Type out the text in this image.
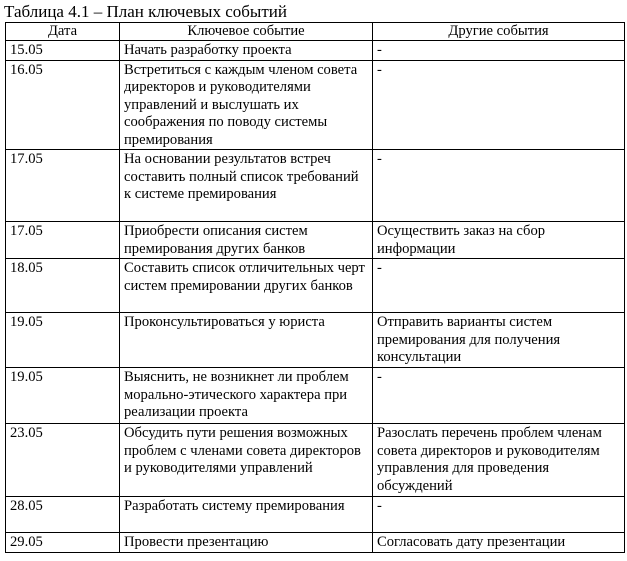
Таблица 4.1 – План ключевых событий
Дата	Ключевое событие	Другие события
15.05	Начать разработку проекта	-
16.05	Встретиться с каждым членом совета директоров и руководителями управлений и выслушать их соображения по поводу системы премирования	-
17.05	На основании результатов встреч составить полный список требований к системе премирования	-
17.05	Приобрести описания систем премирования других банков	Осуществить заказ на сбор информации
18.05	Составить список отличительных черт систем премировании других банков	-
19.05	Проконсультироваться у юриста	Отправить варианты систем премирования для получения консультации
19.05	Выяснить, не возникнет ли проблем морально-этического характера при реализации проекта	-
23.05	Обсудить пути решения возможных проблем с членами совета директоров и руководителями управлений	Разослать перечень проблем членам совета директоров и руководителям управления для проведения обсуждений
28.05	Разработать систему премирования	-
29.05	Провести презентацию	Согласовать дату презентации
